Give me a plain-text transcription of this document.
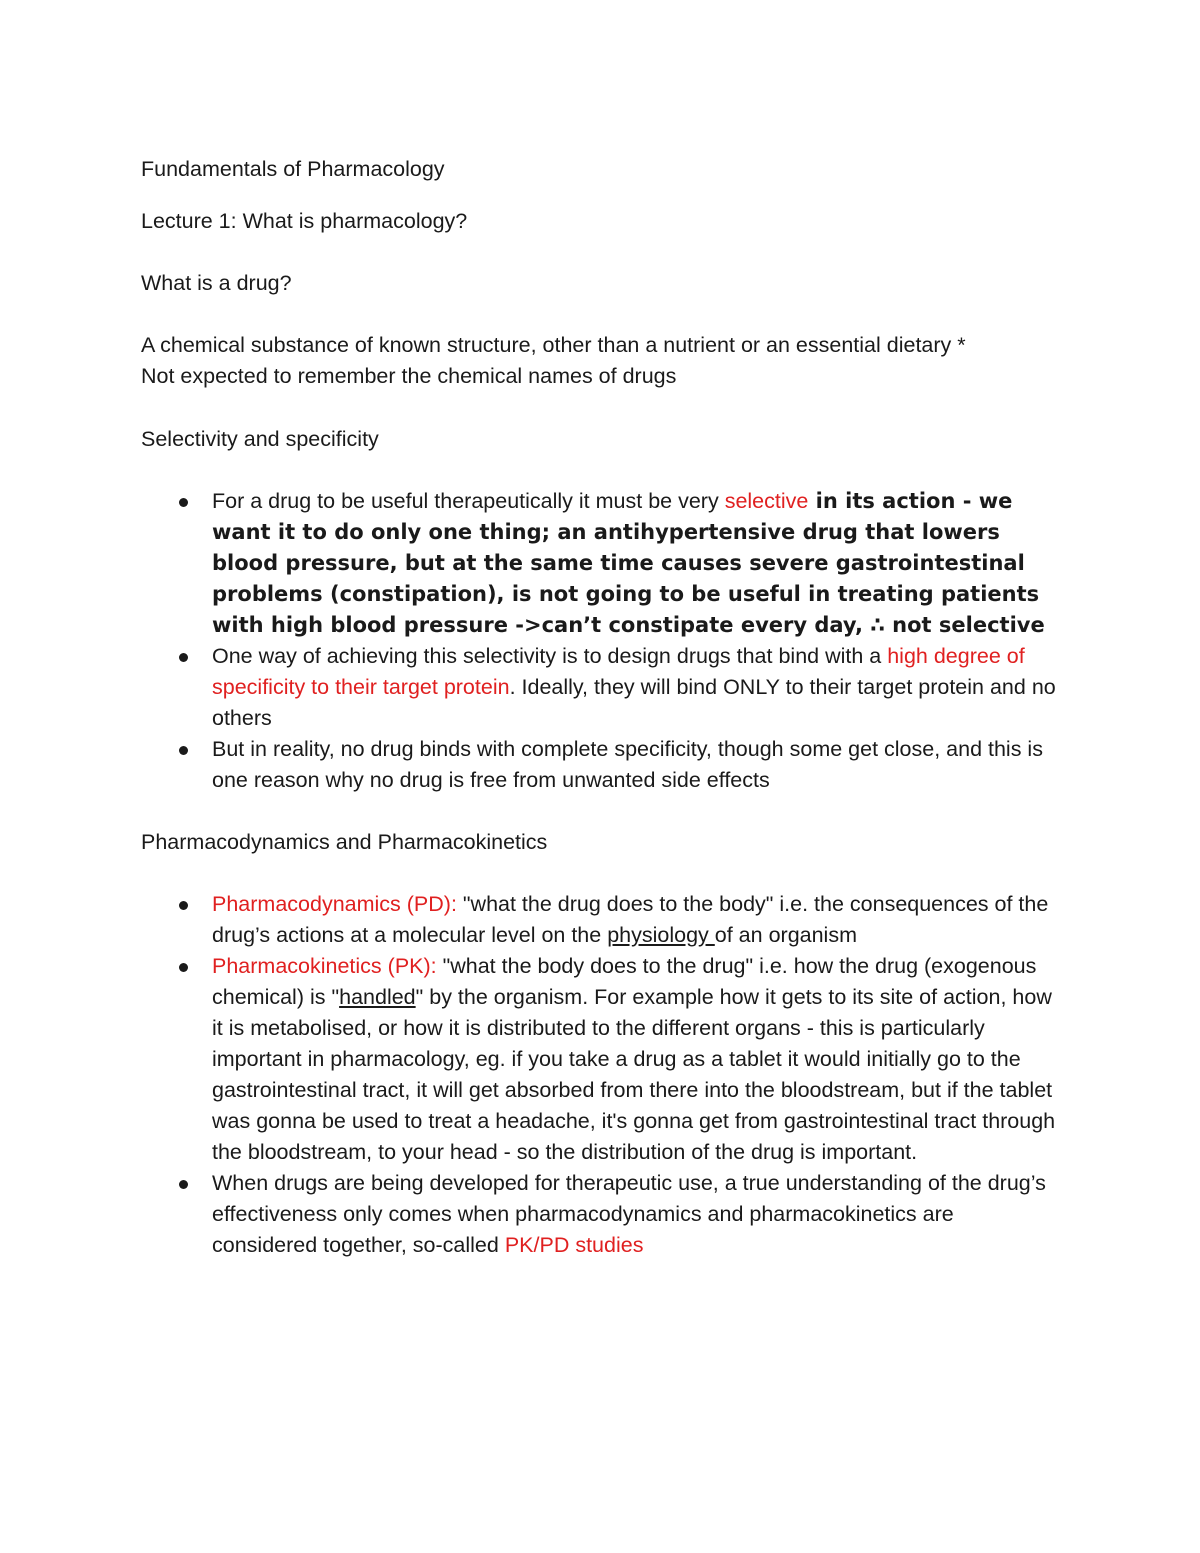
Fundamentals of Pharmacology

Lecture 1: What is pharmacology?

What is a drug?

A chemical substance of known structure, other than a nutrient or an essential dietary *
Not expected to remember the chemical names of drugs

Selectivity and specificity

For a drug to be useful therapeutically it must be very selective in its action - we want it to do only one thing; an antihypertensive drug that lowers blood pressure, but at the same time causes severe gastrointestinal problems (constipation), is not going to be useful in treating patients with high blood pressure ->can’t constipate every day, ∴ not selective
One way of achieving this selectivity is to design drugs that bind with a high degree of specificity to their target protein. Ideally, they will bind ONLY to their target protein and no others
But in reality, no drug binds with complete specificity, though some get close, and this is one reason why no drug is free from unwanted side effects

Pharmacodynamics and Pharmacokinetics

Pharmacodynamics (PD): "what the drug does to the body" i.e. the consequences of the drug’s actions at a molecular level on the physiology of an organism
Pharmacokinetics (PK): "what the body does to the drug" i.e. how the drug (exogenous chemical) is "handled" by the organism. For example how it gets to its site of action, how it is metabolised, or how it is distributed to the different organs - this is particularly important in pharmacology, eg. if you take a drug as a tablet it would initially go to the gastrointestinal tract, it will get absorbed from there into the bloodstream, but if the tablet was gonna be used to treat a headache, it's gonna get from gastrointestinal tract through the bloodstream, to your head - so the distribution of the drug is important.
When drugs are being developed for therapeutic use, a true understanding of the drug’s effectiveness only comes when pharmacodynamics and pharmacokinetics are considered together, so-called PK/PD studies
